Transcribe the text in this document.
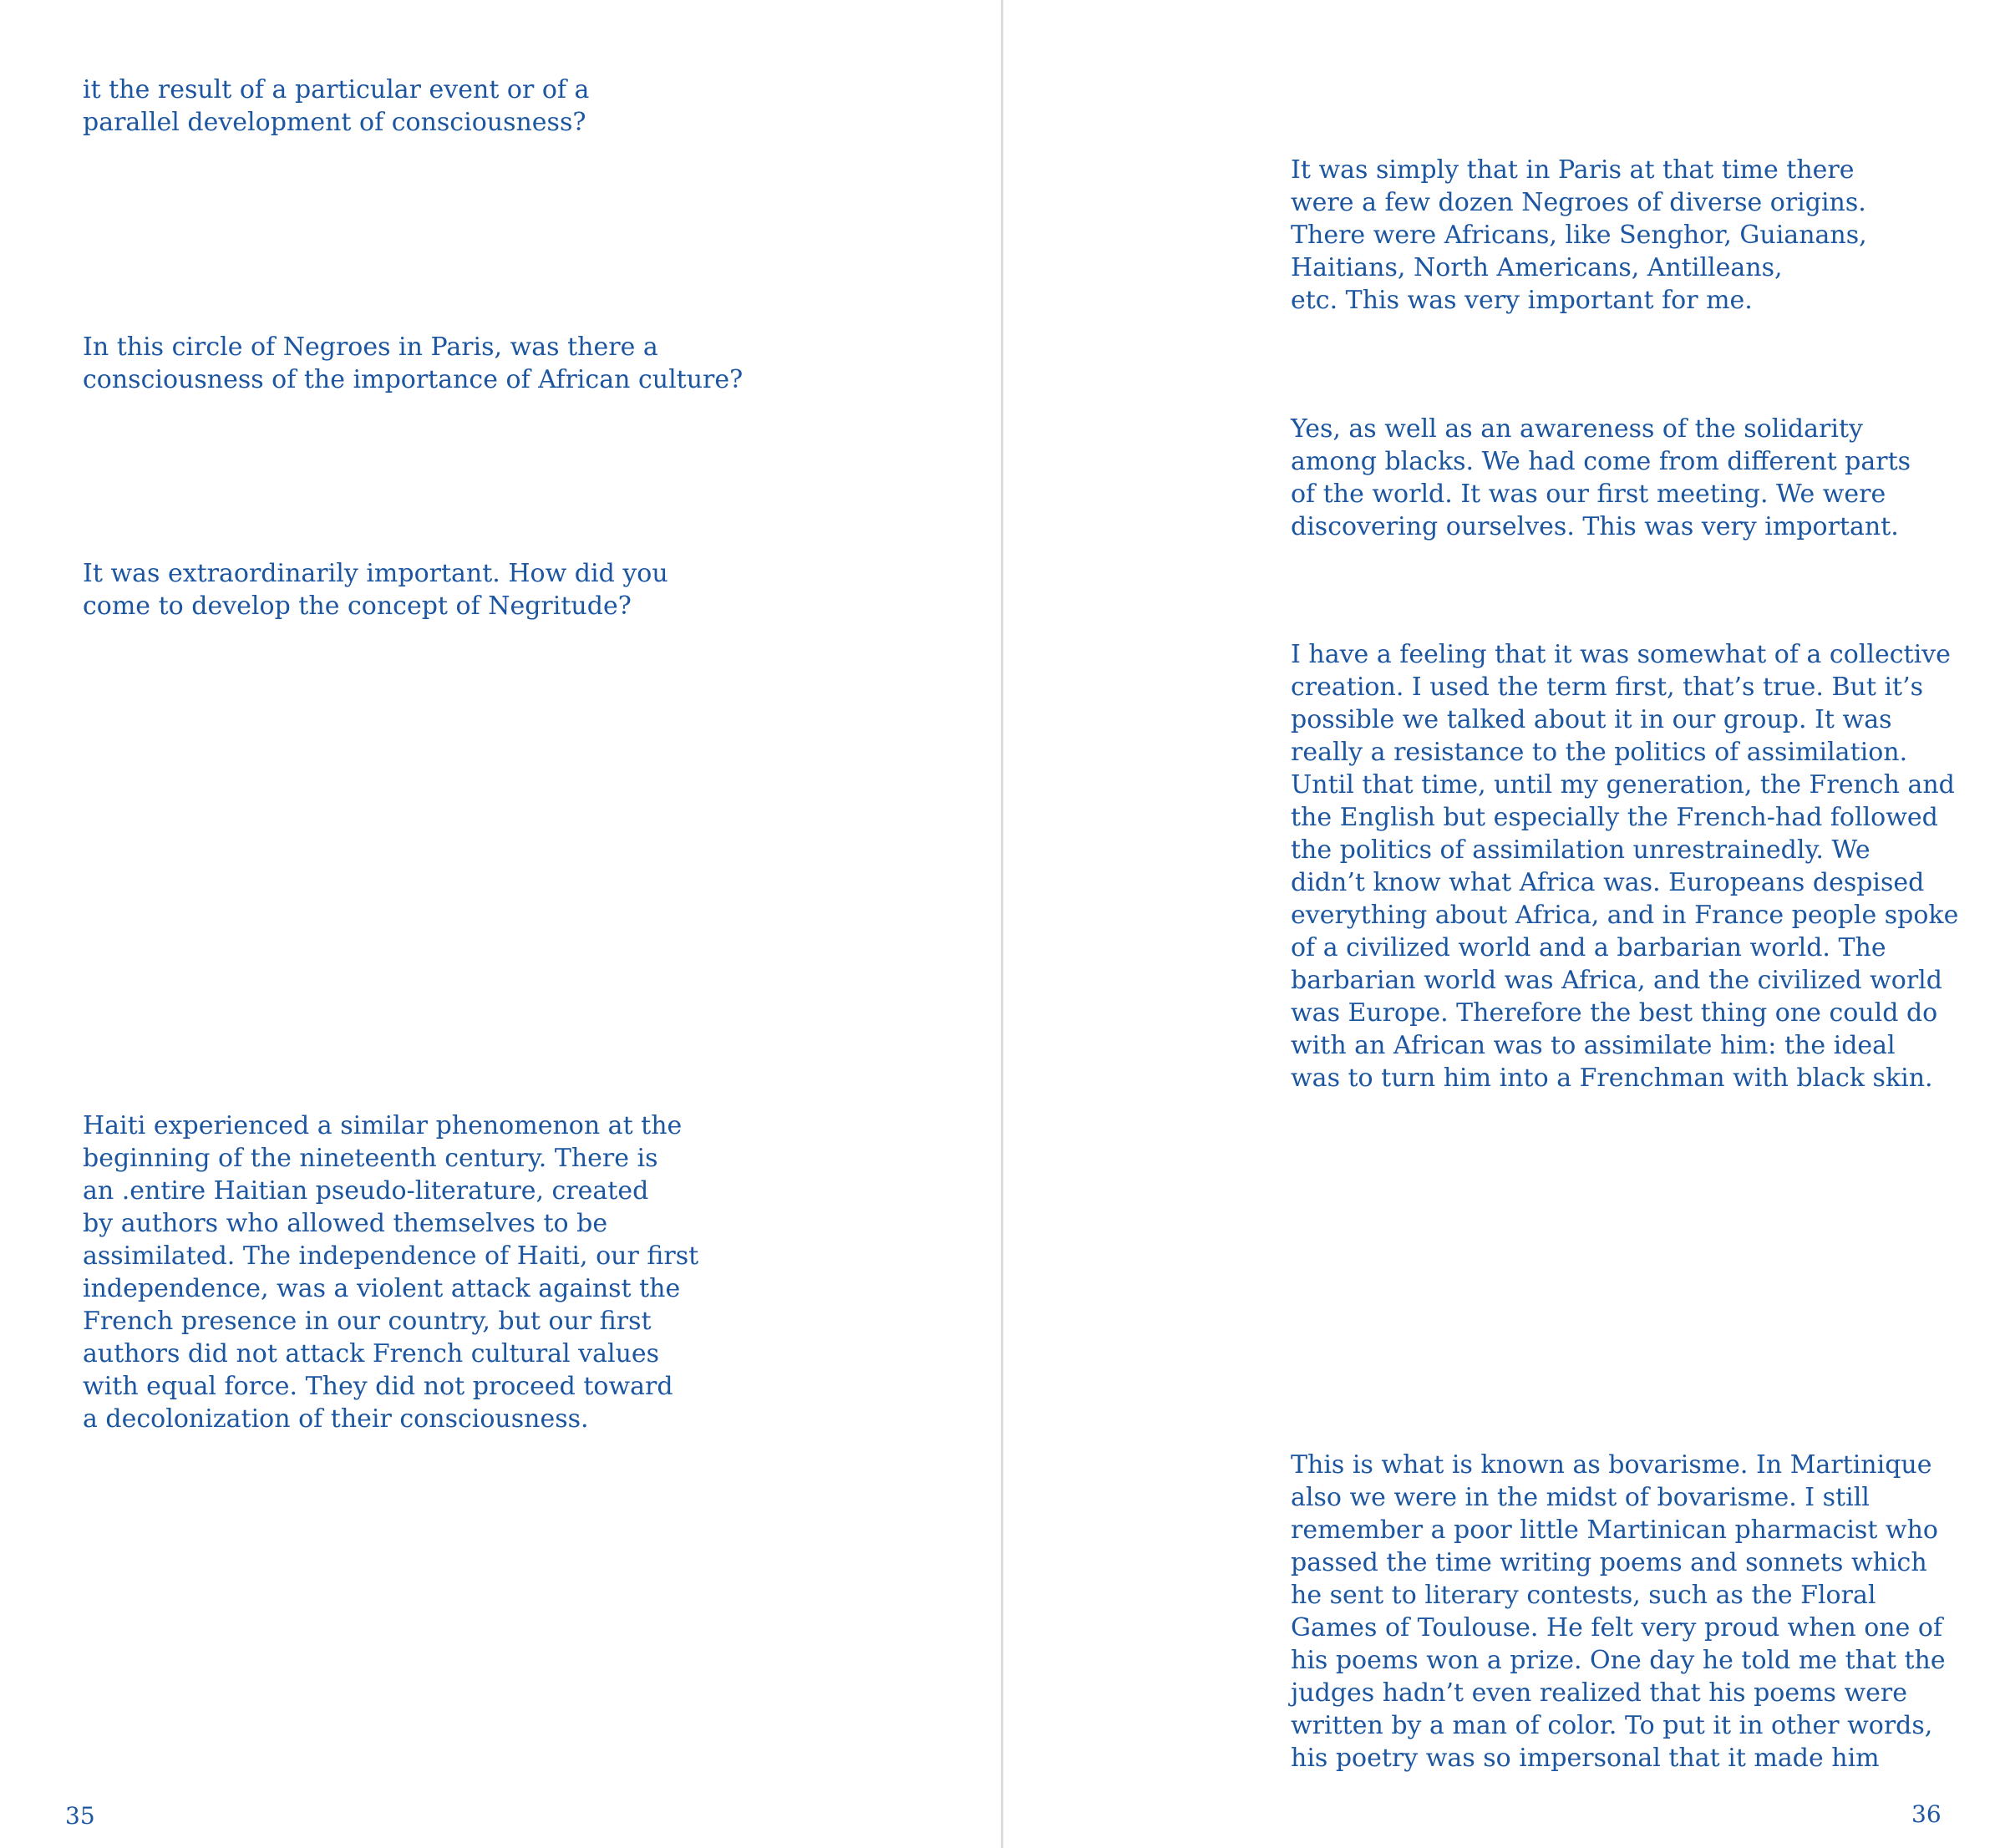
it the result of a particular event or of a
parallel development of consciousness?
In this circle of Negroes in Paris, was there a
consciousness of the importance of African culture?
It was extraordinarily important. How did you
come to develop the concept of Negritude?
Haiti experienced a similar phenomenon at the
beginning of the nineteenth century. There is
an .entire Haitian pseudo-literature, created
by authors who allowed themselves to be
assimilated. The independence of Haiti, our first
independence, was a violent attack against the
French presence in our country, but our first
authors did not attack French cultural values
with equal force. They did not proceed toward
a decolonization of their consciousness.
35
It was simply that in Paris at that time there
were a few dozen Negroes of diverse origins.
There were Africans, like Senghor, Guianans,
Haitians, North Americans, Antilleans,
etc. This was very important for me.
Yes, as well as an awareness of the solidarity
among blacks. We had come from different parts
of the world. It was our first meeting. We were
discovering ourselves. This was very important.
I have a feeling that it was somewhat of a collective
creation. I used the term first, that’s true. But it’s
possible we talked about it in our group. It was
really a resistance to the politics of assimilation.
Until that time, until my generation, the French and
the English but especially the French-had followed
the politics of assimilation unrestrainedly. We
didn’t know what Africa was. Europeans despised
everything about Africa, and in France people spoke
of a civilized world and a barbarian world. The
barbarian world was Africa, and the civilized world
was Europe. Therefore the best thing one could do
with an African was to assimilate him: the ideal
was to turn him into a Frenchman with black skin.
This is what is known as bovarisme. In Martinique
also we were in the midst of bovarisme. I still
remember a poor little Martinican pharmacist who
passed the time writing poems and sonnets which
he sent to literary contests, such as the Floral
Games of Toulouse. He felt very proud when one of
his poems won a prize. One day he told me that the
judges hadn’t even realized that his poems were
written by a man of color. To put it in other words,
his poetry was so impersonal that it made him
36
